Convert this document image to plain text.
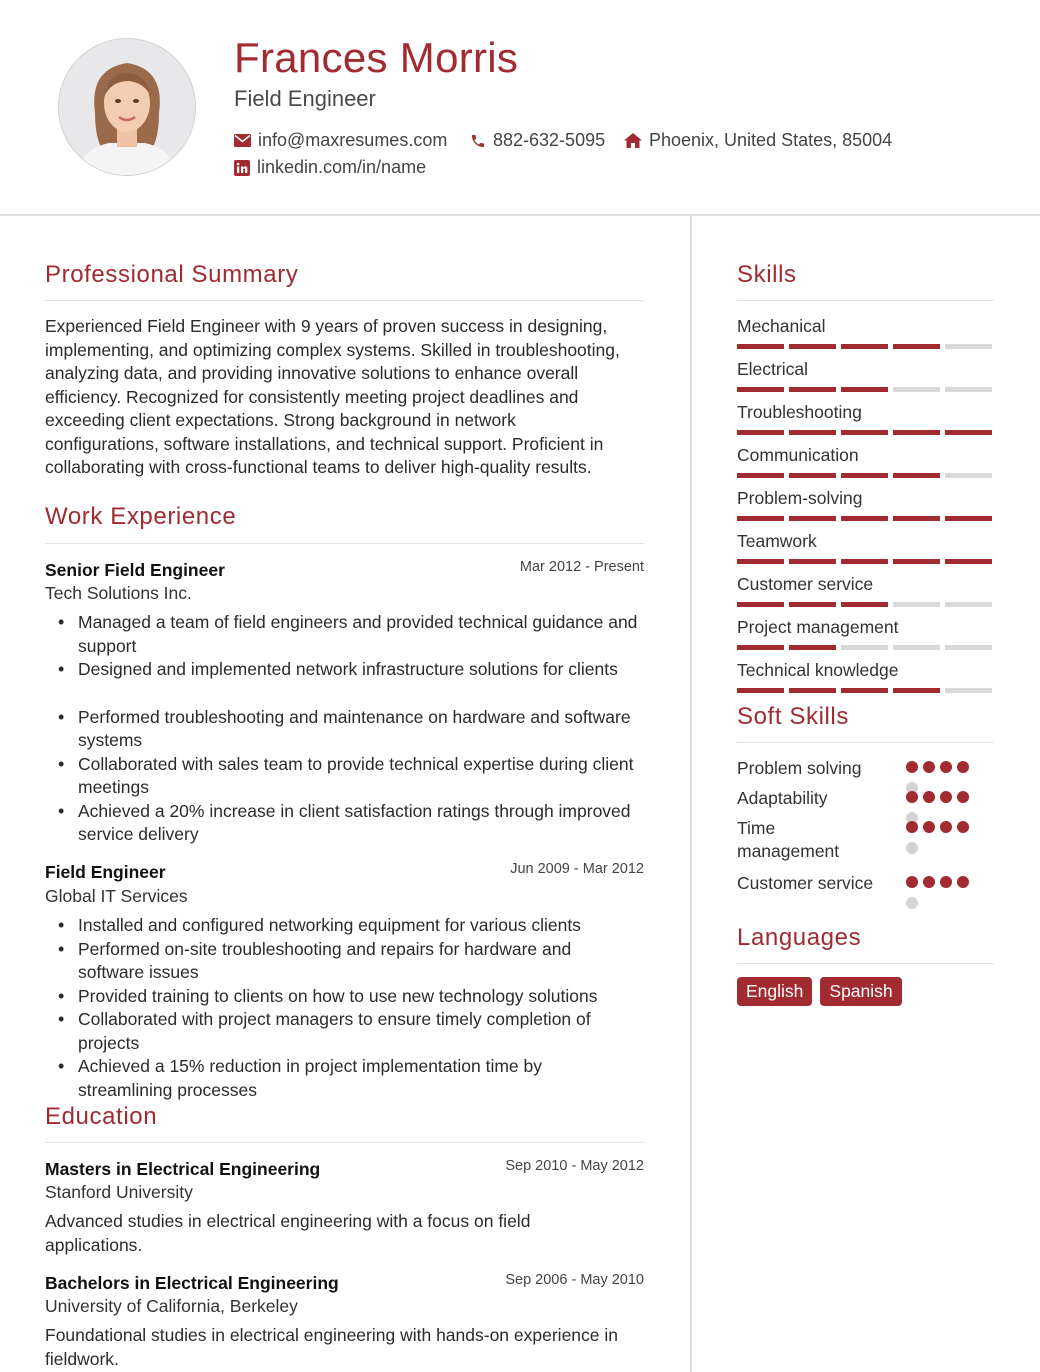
Frances Morris
Field Engineer
info@maxresumes.com	882-632-5095 Phoenix, United States, 85004
linkedin.com/in/name
Professional Summary
Experienced Field Engineer with 9 years of proven success in designing,
implementing, and optimizing complex systems. Skilled in troubleshooting,
analyzing data, and providing innovative solutions to enhance overall
efficiency. Recognized for consistently meeting project deadlines and
exceeding client expectations. Strong background in network
configurations, software installations, and technical support. Proficient in
collaborating with cross-functional teams to deliver high-quality results.
Work Experience
Senior Field Engineer	Mar 2012 - Present
Tech Solutions Inc.
• Managed a team of field engineers and provided technical guidance and support
• Designed and implemented network infrastructure solutions for clients
• Performed troubleshooting and maintenance on hardware and software systems
• Collaborated with sales team to provide technical expertise during client meetings
• Achieved a 20% increase in client satisfaction ratings through improved service delivery
Field Engineer	Jun 2009 - Mar 2012
Global IT Services
• Installed and configured networking equipment for various clients
• Performed on-site troubleshooting and repairs for hardware and software issues
• Provided training to clients on how to use new technology solutions
• Collaborated with project managers to ensure timely completion of projects
• Achieved a 15% reduction in project implementation time by streamlining processes
Education
Masters in Electrical Engineering	Sep 2010 - May 2012
Stanford University
Advanced studies in electrical engineering with a focus on field applications.
Bachelors in Electrical Engineering	Sep 2006 - May 2010
University of California, Berkeley
Foundational studies in electrical engineering with hands-on experience in fieldwork.
Skills
Mechanical
Electrical
Troubleshooting
Communication
Problem-solving
Teamwork
Customer service
Project management
Technical knowledge
Soft Skills
Problem solving
Adaptability
Time management
Customer service
Languages
English	Spanish
